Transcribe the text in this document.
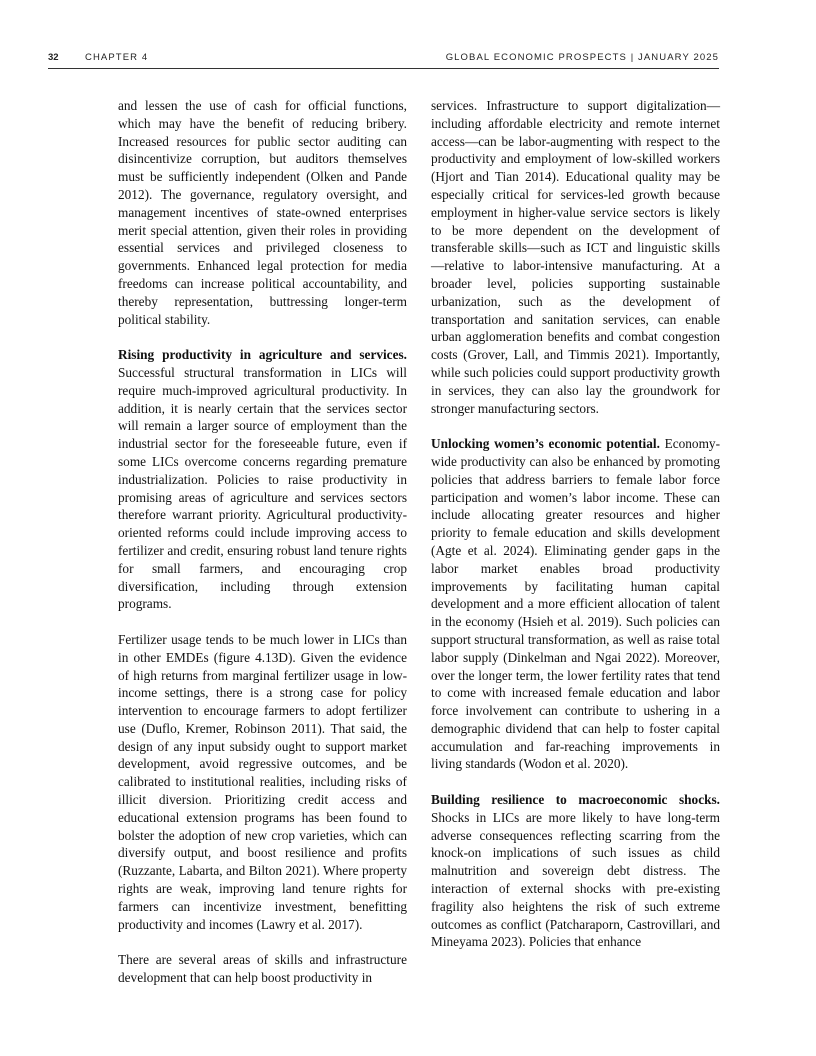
32	CHAPTER 4	GLOBAL ECONOMIC PROSPECTS | JANUARY 2025

and lessen the use of cash for official functions, which may have the benefit of reducing bribery. Increased resources for public sector auditing can disincentivize corruption, but auditors themselves must be sufficiently independent (Olken and Pande 2012). The governance, regulatory oversight, and management incentives of state-owned enterprises merit special attention, given their roles in providing essential services and privileged closeness to governments. Enhanced legal protection for media freedoms can increase political accountability, and thereby representation, buttressing longer-term political stability.

Rising productivity in agriculture and services. Successful structural transformation in LICs will require much-improved agricultural productivity. In addition, it is nearly certain that the services sector will remain a larger source of employment than the industrial sector for the foreseeable future, even if some LICs overcome concerns regarding premature industrialization. Policies to raise productivity in promising areas of agriculture and services sectors therefore warrant priority. Agricultural productivity-oriented reforms could include improving access to fertilizer and credit, ensuring robust land tenure rights for small farmers, and encouraging crop diversification, including through extension programs.

Fertilizer usage tends to be much lower in LICs than in other EMDEs (figure 4.13D). Given the evidence of high returns from marginal fertilizer usage in low-income settings, there is a strong case for policy intervention to encourage farmers to adopt fertilizer use (Duflo, Kremer, Robinson 2011). That said, the design of any input subsidy ought to support market development, avoid regressive outcomes, and be calibrated to institutional realities, including risks of illicit diversion. Prioritizing credit access and educational extension programs has been found to bolster the adoption of new crop varieties, which can diversify output, and boost resilience and profits (Ruzzante, Labarta, and Bilton 2021). Where property rights are weak, improving land tenure rights for farmers can incentivize investment, benefitting productivity and incomes (Lawry et al. 2017).

There are several areas of skills and infrastructure development that can help boost productivity in

services. Infrastructure to support digitalization—including affordable electricity and remote internet access—can be labor-augmenting with respect to the productivity and employment of low-skilled workers (Hjort and Tian 2014). Educational quality may be especially critical for services-led growth because employment in higher-value service sectors is likely to be more dependent on the development of transferable skills—such as ICT and linguistic skills—relative to labor-intensive manufacturing. At a broader level, policies supporting sustainable urbanization, such as the development of transportation and sanitation services, can enable urban agglomeration benefits and combat congestion costs (Grover, Lall, and Timmis 2021). Importantly, while such policies could support productivity growth in services, they can also lay the groundwork for stronger manufacturing sectors.

Unlocking women’s economic potential. Economy-wide productivity can also be enhanced by promoting policies that address barriers to female labor force participation and women’s labor income. These can include allocating greater resources and higher priority to female education and skills development (Agte et al. 2024). Eliminating gender gaps in the labor market enables broad productivity improvements by facilitating human capital development and a more efficient allocation of talent in the economy (Hsieh et al. 2019). Such policies can support structural transformation, as well as raise total labor supply (Dinkelman and Ngai 2022). Moreover, over the longer term, the lower fertility rates that tend to come with increased female education and labor force involvement can contribute to ushering in a demographic dividend that can help to foster capital accumulation and far-reaching improvements in living standards (Wodon et al. 2020).

Building resilience to macroeconomic shocks. Shocks in LICs are more likely to have long-term adverse consequences reflecting scarring from the knock-on implications of such issues as child malnutrition and sovereign debt distress. The interaction of external shocks with pre-existing fragility also heightens the risk of such extreme outcomes as conflict (Patcharaporn, Castrovillari, and Mineyama 2023). Policies that enhance
